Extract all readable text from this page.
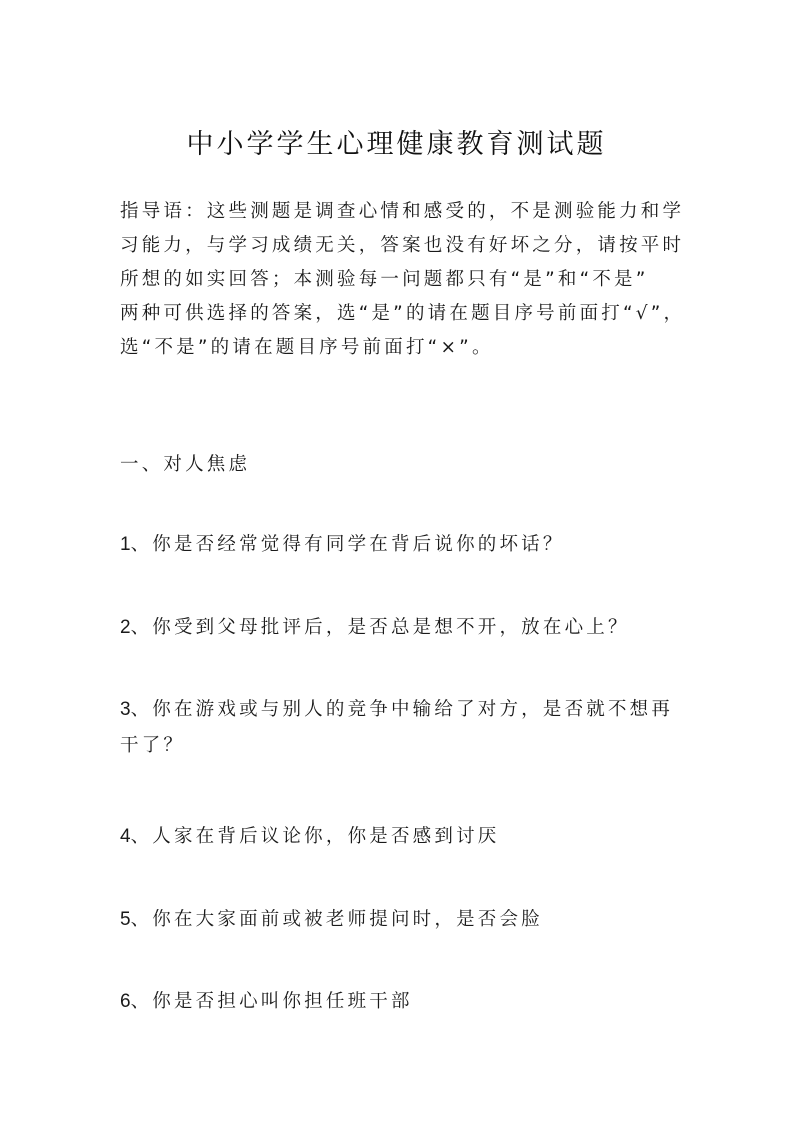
中小学学生心理健康教育测试题
指导语：这些测题是调查心情和感受的，不是测验能力和学
习能力，与学习成绩无关，答案也没有好坏之分，请按平时
所想的如实回答；本测验每一问题都只有“是”和“不是”
两种可供选择的答案，选“是”的请在题目序号前面打“√”，
选“不是”的请在题目序号前面打“×”。
一、对人焦虑
1、你是否经常觉得有同学在背后说你的坏话？
2、你受到父母批评后，是否总是想不开，放在心上？
3、你在游戏或与别人的竞争中输给了对方，是否就不想再
干了？
4、人家在背后议论你，你是否感到讨厌
5、你在大家面前或被老师提问时，是否会脸
6、你是否担心叫你担任班干部
